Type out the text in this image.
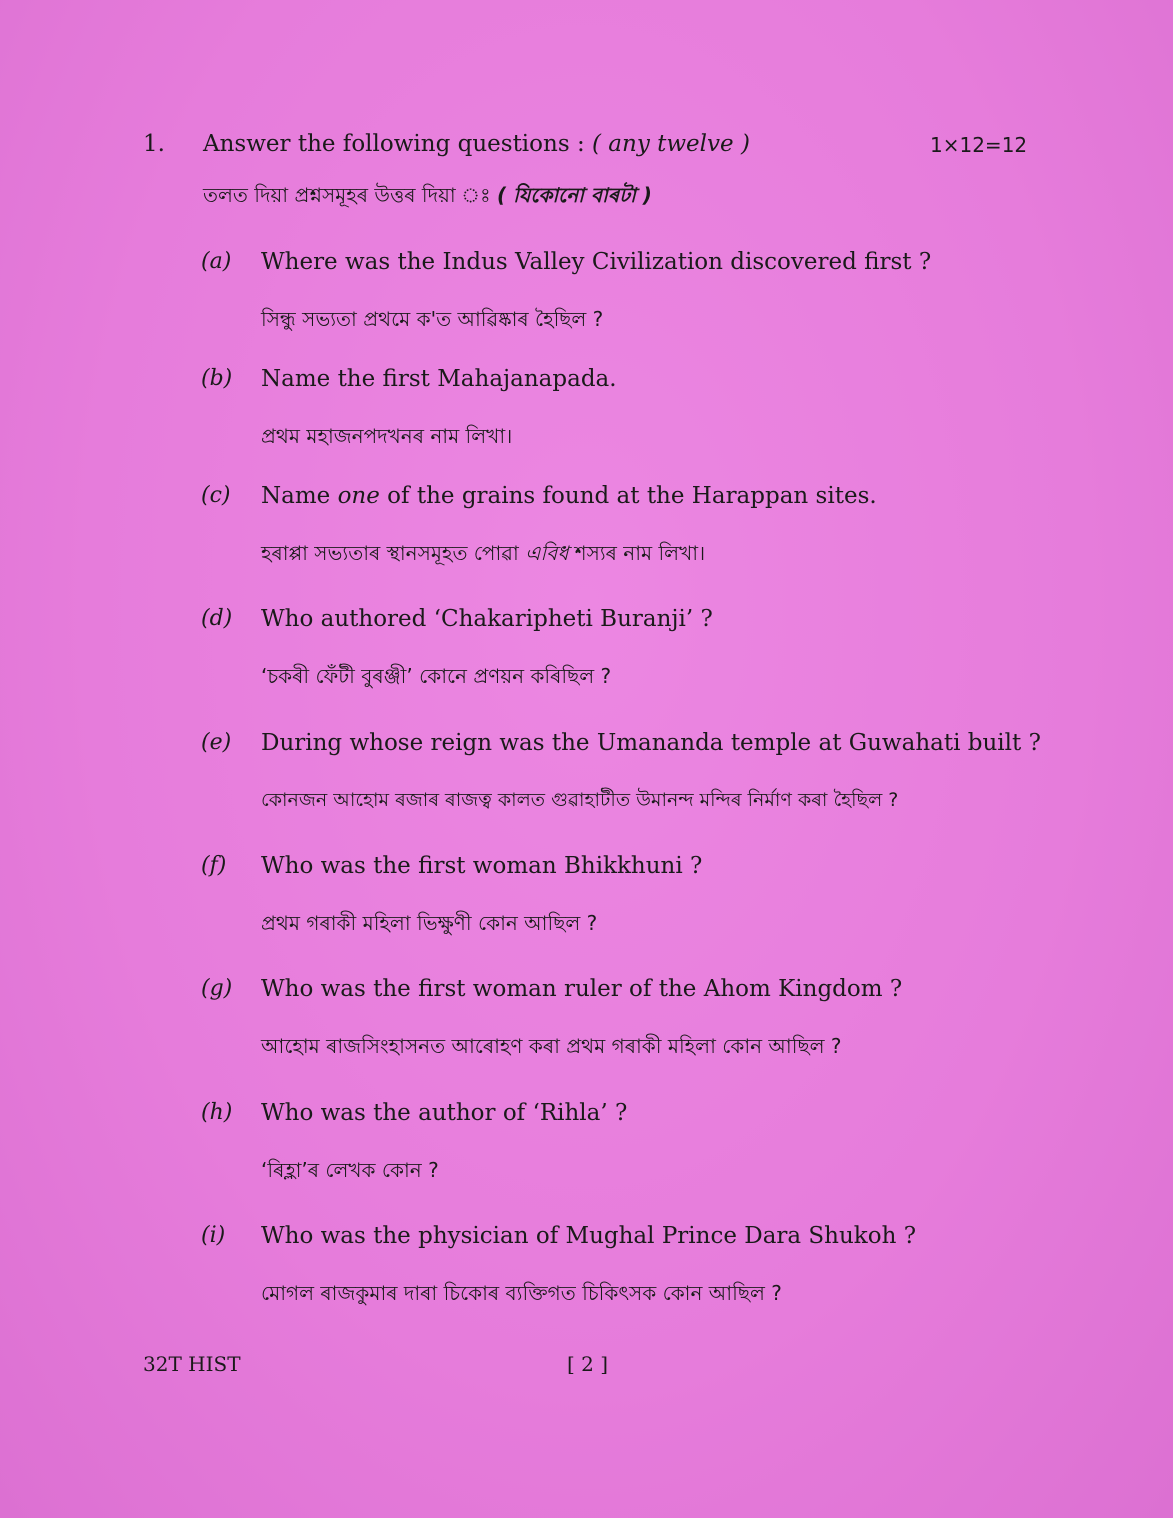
1. Answer the following questions : ( any twelve )	1×12=12
তলত দিয়া প্ৰশ্নসমূহৰ উত্তৰ দিয়া ঃ ( যিকোনো বাৰটা )
(a) Where was the Indus Valley Civilization discovered first ?
সিন্ধু সভ্যতা প্ৰথমে ক'ত আৱিষ্কাৰ হৈছিল ?
(b) Name the first Mahajanapada.
প্ৰথম মহাজনপদখনৰ নাম লিখা।
(c) Name one of the grains found at the Harappan sites.
হৰাপ্পা সভ্যতাৰ স্থানসমূহত পোৱা এবিধ শস্যৰ নাম লিখা।
(d) Who authored ‘Chakaripheti Buranji’ ?
‘চকৰী ফেঁটী বুৰঞ্জী’ কোনে প্ৰণয়ন কৰিছিল ?
(e) During whose reign was the Umananda temple at Guwahati built ?
কোনজন আহোম ৰজাৰ ৰাজত্ব কালত গুৱাহাটীত উমানন্দ মন্দিৰ নিৰ্মাণ কৰা হৈছিল ?
(f) Who was the first woman Bhikkhuni ?
প্ৰথম গৰাকী মহিলা ভিক্ষুণী কোন আছিল ?
(g) Who was the first woman ruler of the Ahom Kingdom ?
আহোম ৰাজসিংহাসনত আৰোহণ কৰা প্ৰথম গৰাকী মহিলা কোন আছিল ?
(h) Who was the author of ‘Rihla’ ?
‘ৰিহ্লা’ৰ লেখক কোন ?
(i) Who was the physician of Mughal Prince Dara Shukoh ?
মোগল ৰাজকুমাৰ দাৰা চিকোৰ ব্যক্তিগত চিকিৎসক কোন আছিল ?
32T HIST	[ 2 ]
